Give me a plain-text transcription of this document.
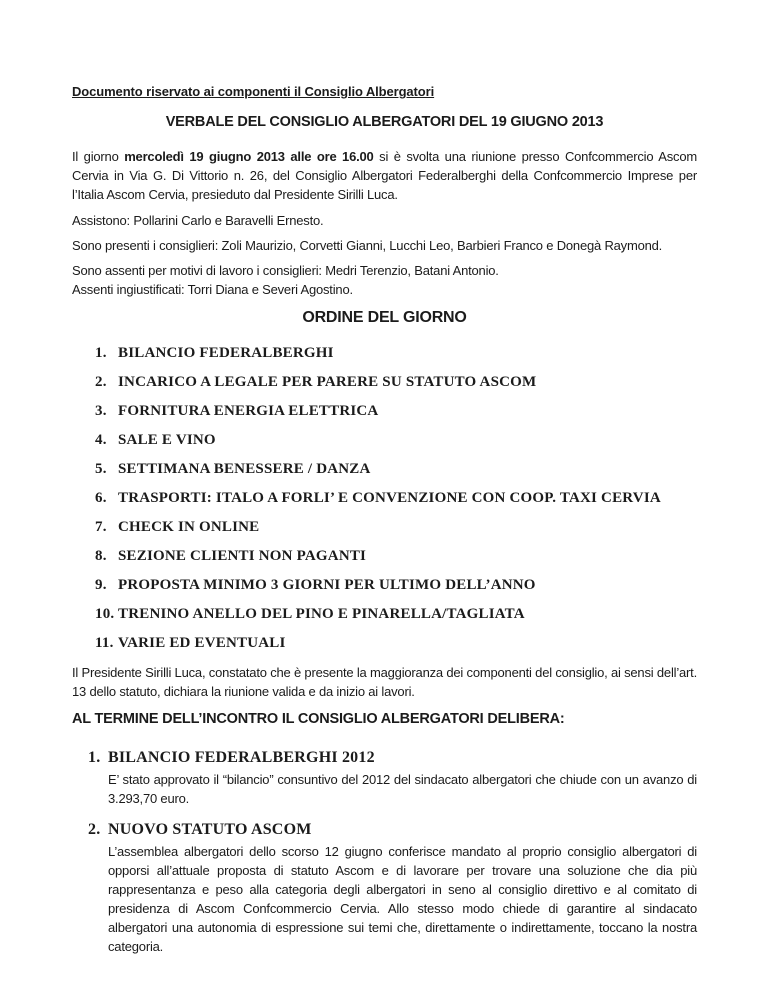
Documento riservato ai componenti il Consiglio Albergatori

VERBALE DEL CONSIGLIO ALBERGATORI DEL 19 GIUGNO 2013

Il giorno mercoledì 19 giugno 2013 alle ore 16.00 si è svolta una riunione presso Confcommercio Ascom Cervia in Via G. Di Vittorio n. 26, del Consiglio Albergatori Federalberghi della Confcommercio Imprese per l’Italia Ascom Cervia, presieduto dal Presidente Sirilli Luca.

Assistono: Pollarini Carlo e Baravelli Ernesto.

Sono presenti i consiglieri: Zoli Maurizio, Corvetti Gianni, Lucchi Leo, Barbieri Franco e Donegà Raymond.

Sono assenti per motivi di lavoro i consiglieri: Medri Terenzio, Batani Antonio.

Assenti ingiustificati: Torri Diana e Severi Agostino.

ORDINE DEL GIORNO

1. BILANCIO FEDERALBERGHI
2. INCARICO A LEGALE PER PARERE SU STATUTO ASCOM
3. FORNITURA ENERGIA ELETTRICA
4. SALE E VINO
5. SETTIMANA BENESSERE / DANZA
6. TRASPORTI: ITALO A FORLI’ E CONVENZIONE CON COOP. TAXI CERVIA
7. CHECK IN ONLINE
8. SEZIONE CLIENTI NON PAGANTI
9. PROPOSTA MINIMO 3 GIORNI PER ULTIMO DELL’ANNO
10. TRENINO ANELLO DEL PINO E PINARELLA/TAGLIATA
11. VARIE ED EVENTUALI

Il Presidente Sirilli Luca, constatato che è presente la maggioranza dei componenti del consiglio, ai sensi dell’art. 13 dello statuto, dichiara la riunione valida e da inizio ai lavori.

AL TERMINE DELL’INCONTRO IL CONSIGLIO ALBERGATORI DELIBERA:

1. BILANCIO FEDERALBERGHI 2012
E’ stato approvato il “bilancio” consuntivo del 2012 del sindacato albergatori che chiude con un avanzo di 3.293,70 euro.
2. NUOVO STATUTO ASCOM
L’assemblea albergatori dello scorso 12 giugno conferisce mandato al proprio consiglio albergatori di opporsi all’attuale proposta di statuto Ascom e di lavorare per trovare una soluzione che dia più rappresentanza e peso alla categoria degli albergatori in seno al consiglio direttivo e al comitato di presidenza di Ascom Confcommercio Cervia. Allo stesso modo chiede di garantire al sindacato albergatori una autonomia di espressione sui temi che, direttamente o indirettamente, toccano la nostra categoria.
